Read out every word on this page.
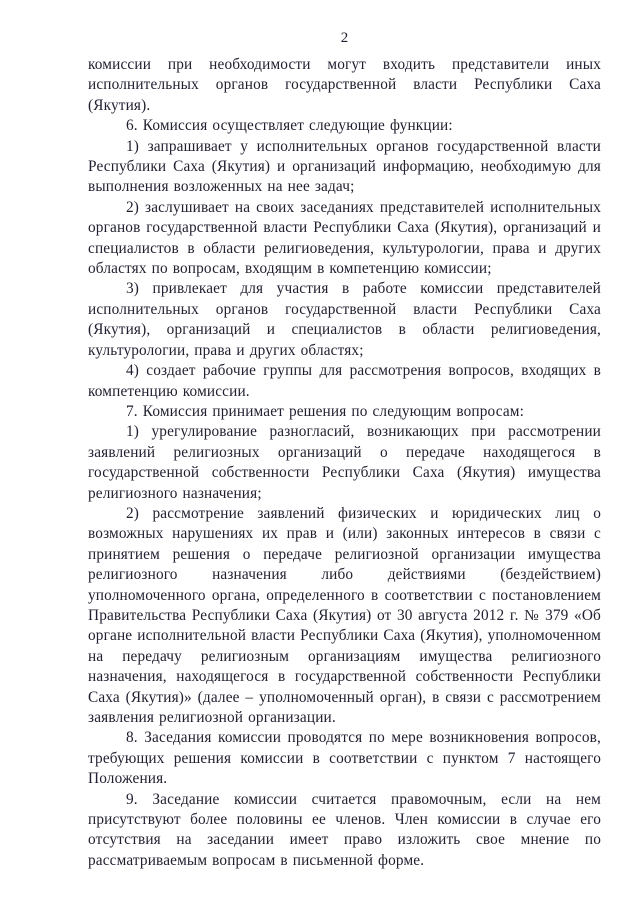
2

комиссии при необходимости могут входить представители иных исполнительных органов государственной власти Республики Саха (Якутия).

6. Комиссия осуществляет следующие функции:

1) запрашивает у исполнительных органов государственной власти Республики Саха (Якутия) и организаций информацию, необходимую для выполнения возложенных на нее задач;

2) заслушивает на своих заседаниях представителей исполнительных органов государственной власти Республики Саха (Якутия), организаций и специалистов в области религиоведения, культурологии, права и других областях по вопросам, входящим в компетенцию комиссии;

3) привлекает для участия в работе комиссии представителей исполнительных органов государственной власти Республики Саха (Якутия), организаций и специалистов в области религиоведения, культурологии, права и других областях;

4) создает рабочие группы для рассмотрения вопросов, входящих в компетенцию комиссии.

7. Комиссия принимает решения по следующим вопросам:

1) урегулирование разногласий, возникающих при рассмотрении заявлений религиозных организаций о передаче находящегося в государственной собственности Республики Саха (Якутия) имущества религиозного назначения;

2) рассмотрение заявлений физических и юридических лиц о возможных нарушениях их прав и (или) законных интересов в связи с принятием решения о передаче религиозной организации имущества религиозного назначения либо действиями (бездействием) уполномоченного органа, определенного в соответствии с постановлением Правительства Республики Саха (Якутия) от 30 августа 2012 г. № 379 «Об органе исполнительной власти Республики Саха (Якутия), уполномоченном на передачу религиозным организациям имущества религиозного назначения, находящегося в государственной собственности Республики Саха (Якутия)» (далее – уполномоченный орган), в связи с рассмотрением заявления религиозной организации.

8. Заседания комиссии проводятся по мере возникновения вопросов, требующих решения комиссии в соответствии с пунктом 7 настоящего Положения.

9. Заседание комиссии считается правомочным, если на нем присутствуют более половины ее членов. Член комиссии в случае его отсутствия на заседании имеет право изложить свое мнение по рассматриваемым вопросам в письменной форме.
